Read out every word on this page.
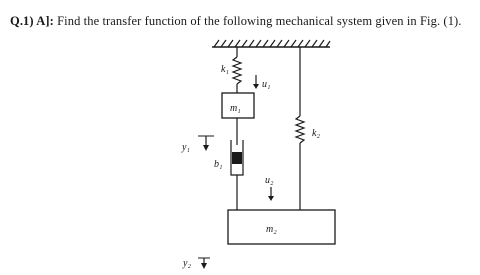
Q.1) A]: Find the transfer function of the following mechanical system given in Fig. (1).
k₁
u₁
m₁
k₂
y₁
b₁
u₂
m₂
y₂
